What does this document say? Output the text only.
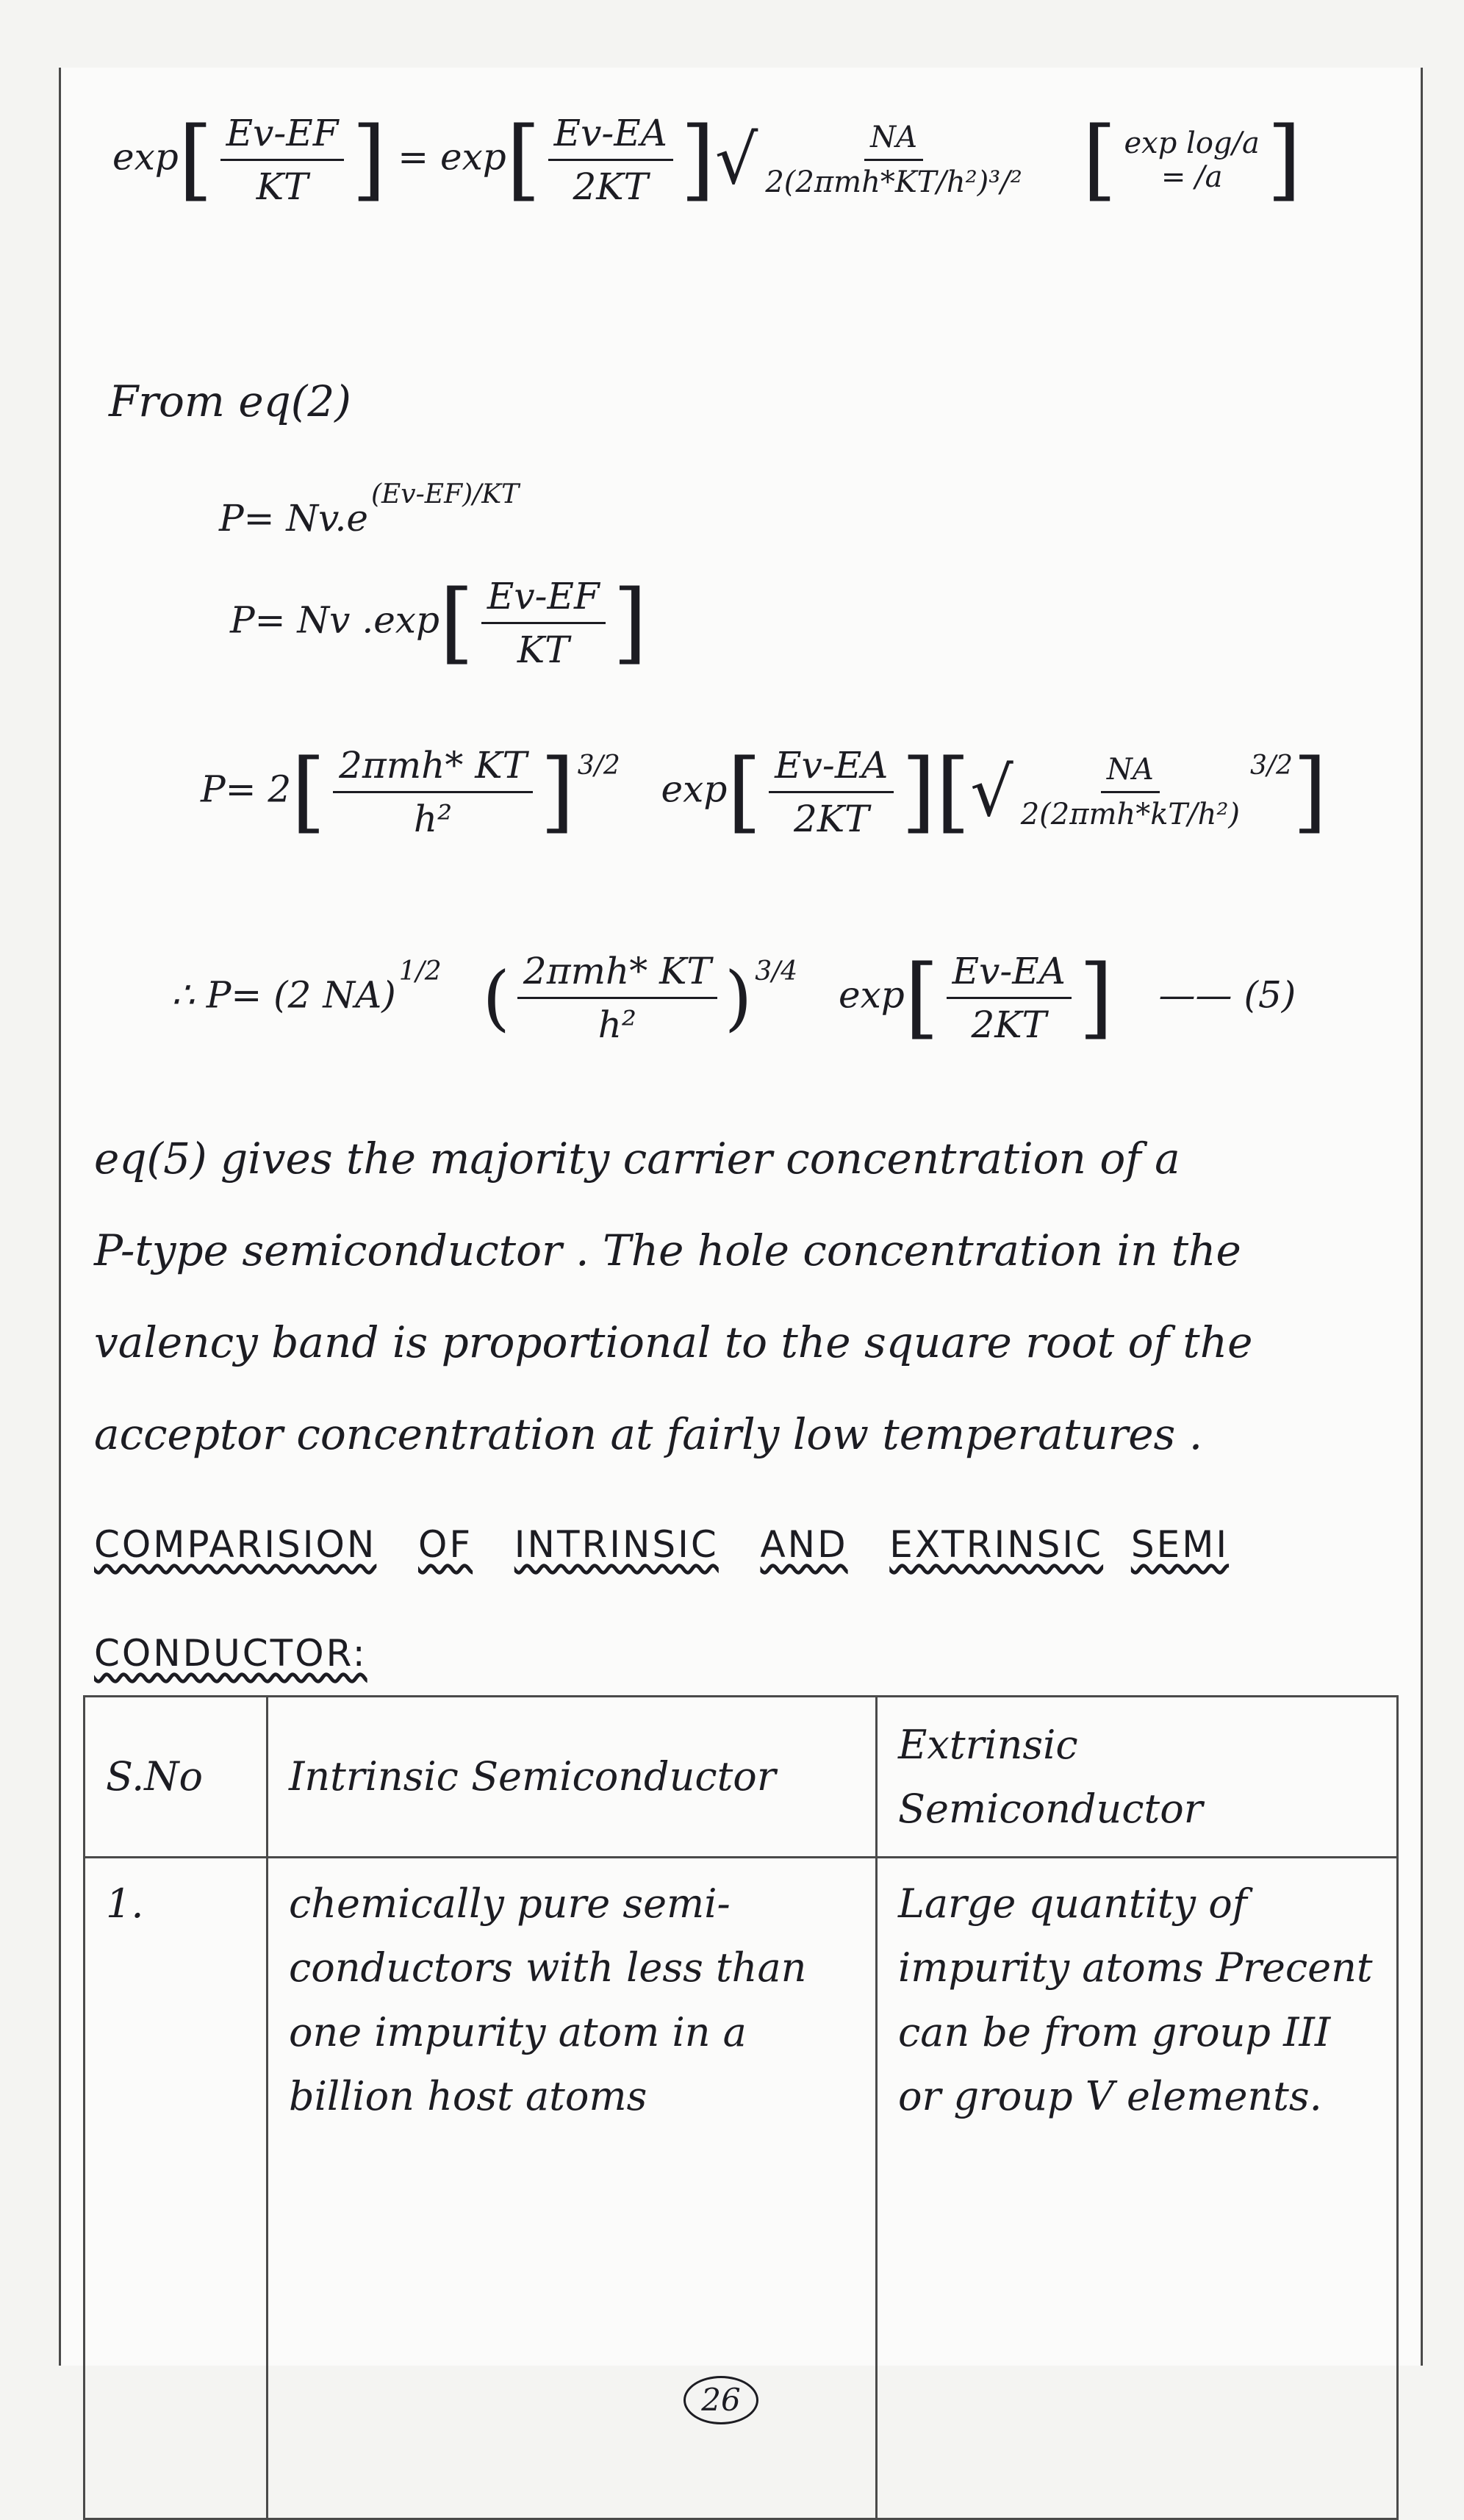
$\exp[ \frac{Ev-EF}{KT}$ ] = $\exp[ \frac{Ev-EA}{2KT}$ ]√ $\frac{NA}{\text{2(2πmh*KT/h²)³/²}}$ [ exp log/a
= /a ]
From eq(2)
$P= Nv.e^{(Ev-EF)/KT}$
P= Nv $.\exp[ \frac{Ev-EF}{KT}$ ]
$P= 2[ \frac{\text{2πmh* KT}}{\text{h²}}$ ] $^{3/2}$  $\exp[ \frac{Ev-EA}{2KT}$ ][√ $\frac{NA}{\text{2(2πmh*kT/h²)}} ^{3/2}$]
∴ P= (2 NA)$^{1/2}$ ( $\frac{\text{2πmh* KT}}{\text{h²}}$ ) $^{3/4}$  $\exp[ \frac{Ev-EA}{2KT}$ ] —— (5)
eq(5) gives the majority carrier concentration of a
P-type semiconductor . The hole concentration in the
valency band is proportional to the square root of the
acceptor concentration at fairly low temperatures .
COMPARISION OF INTRINSIC AND EXTRINSIC SEMI
CONDUCTOR:
S.No	Intrinsic Semiconductor	Extrinsic Semiconductor
1.	chemically pure semi- conductors with less than one impurity atom in a billion host atoms	Large quantity of impurity atoms Precent can be from group III or group V elements.
26
